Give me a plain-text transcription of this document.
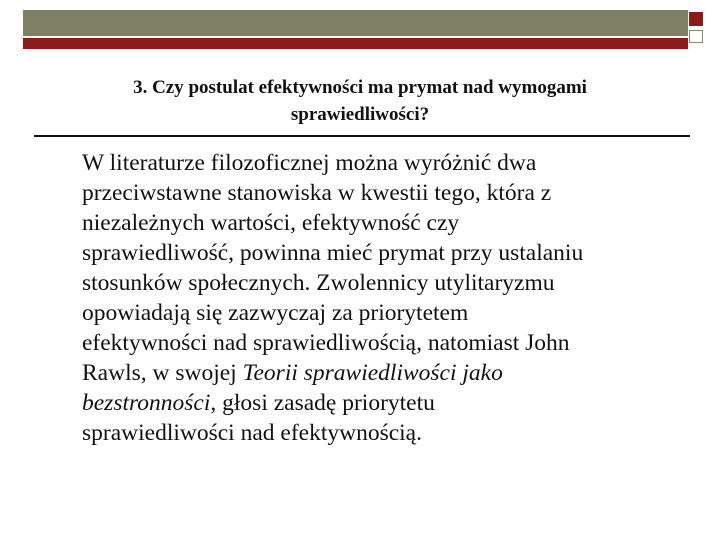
3. Czy postulat efektywności ma prymat nad wymogami
sprawiedliwości?
W literaturze filozoficznej można wyróżnić dwa
przeciwstawne stanowiska w kwestii tego, która z
niezależnych wartości, efektywność czy
sprawiedliwość, powinna mieć prymat przy ustalaniu
stosunków społecznych. Zwolennicy utylitaryzmu
opowiadają się zazwyczaj za priorytetem
efektywności nad sprawiedliwością, natomiast John
Rawls, w swojej Teorii sprawiedliwości jako
bezstronności, głosi zasadę priorytetu
sprawiedliwości nad efektywnością.
